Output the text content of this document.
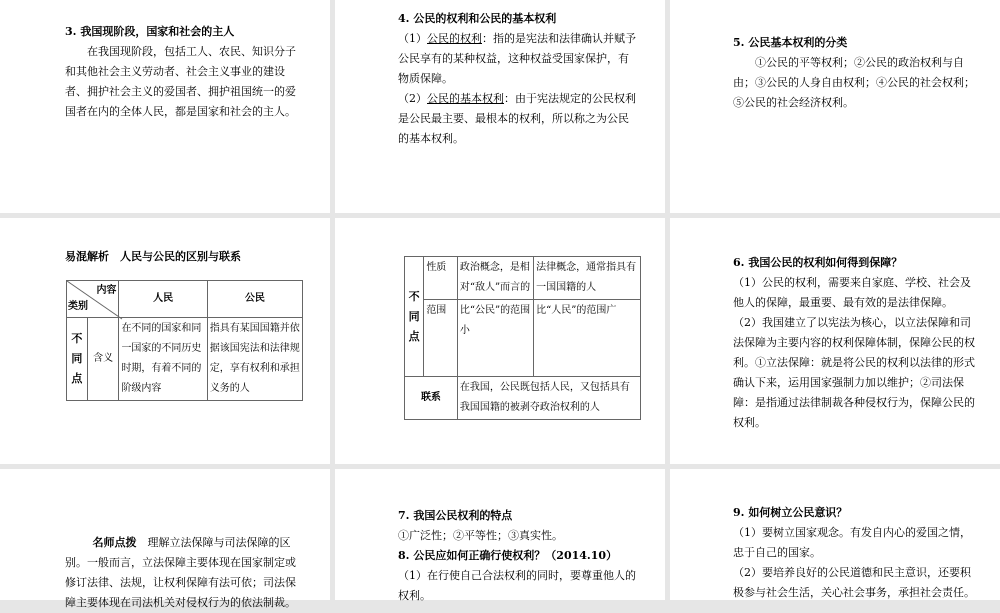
3. 我国现阶段，国家和社会的主人
在我国现阶段，包括工人、农民、知识分子和其他社会主义劳动者、社会主义事业的建设者、拥护社会主义的爱国者、拥护祖国统一的爱国者在内的全体人民，都是国家和社会的主人。
4. 公民的权利和公民的基本权利
（1）公民的权利：指的是宪法和法律确认并赋予公民享有的某种权益，这种权益受国家保护，有物质保障。
（2）公民的基本权利：由于宪法规定的公民权利是公民最主要、最根本的权利，所以称之为公民的基本权利。
5. 公民基本权利的分类
①公民的平等权利；②公民的政治权利与自由；③公民的人身自由权利；④公民的社会权利；⑤公民的社会经济权利。
易混解析　人民与公民的区别与联系
内容
类别		人民	公民
不同点	含义	在不同的国家和同一国家的不同历史时期，有着不同的阶级内容	指具有某国国籍并依据该国宪法和法律规定，享有权利和承担义务的人
不同点	性质	政治概念，是相对“敌人”而言的	法律概念，通常指具有一国国籍的人
	范围	比“公民”的范围小	比“人民”的范围广
联系		在我国，公民既包括人民，又包括具有我国国籍的被剥夺政治权利的人	
6. 我国公民的权利如何得到保障？
（1）公民的权利，需要来自家庭、学校、社会及他人的保障，最重要、最有效的是法律保障。
（2）我国建立了以宪法为核心，以立法保障和司法保障为主要内容的权利保障体制，保障公民的权利。①立法保障：就是将公民的权利以法律的形式确认下来，运用国家强制力加以维护；②司法保障：是指通过法律制裁各种侵权行为，保障公民的权利。
名师点拨　 理解立法保障与司法保障的区别。一般而言，立法保障主要体现在国家制定或修订法律、法规，让权利保障有法可依；司法保障主要体现在司法机关对侵权行为的依法制裁。
7. 我国公民权利的特点
①广泛性；②平等性；③真实性。
8. 公民应如何正确行使权利？（2014.10）
（1）在行使自己合法权利的同时，要尊重他人的权利。
9. 如何树立公民意识？
（1）要树立国家观念。有发自内心的爱国之情，忠于自己的国家。
（2）要培养良好的公民道德和民主意识，还要积极参与社会生活，关心社会事务，承担社会责任。
